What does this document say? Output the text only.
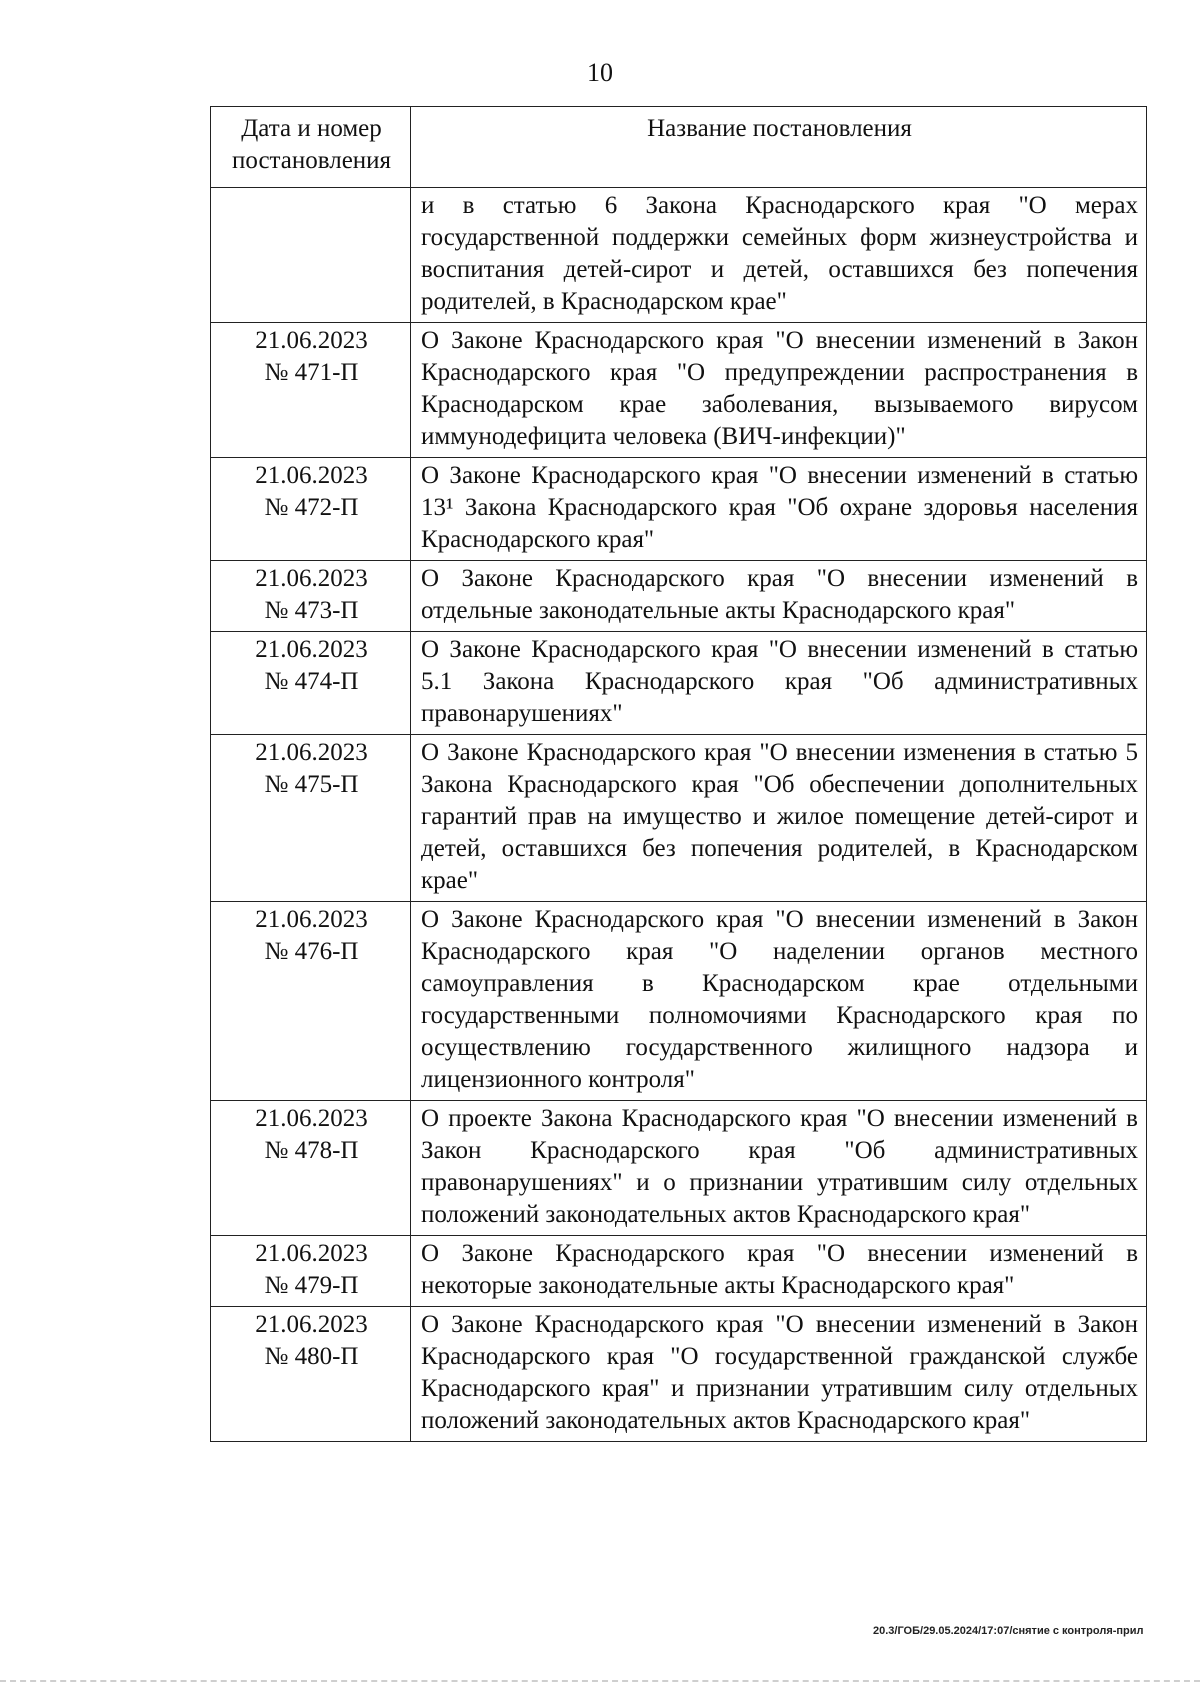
10
Дата и номер постановления	Название постановления

	и в статью 6 Закона Краснодарского края "О мерах государственной поддержки семейных форм жизнеустройства и воспитания детей-сирот и детей, оставшихся без попечения родителей, в Краснодарском крае"

21.06.2023
№ 471-П	О Законе Краснодарского края "О внесении изменений в Закон Краснодарского края "О предупреждении распространения в Краснодарском крае заболевания, вызываемого вирусом иммунодефицита человека (ВИЧ-инфекции)"

21.06.2023
№ 472-П	О Законе Краснодарского края "О внесении изменений в статью 13¹ Закона Краснодарского края "Об охране здоровья населения Краснодарского края"

21.06.2023
№ 473-П	О Законе Краснодарского края "О внесении изменений в отдельные законодательные акты Краснодарского края"

21.06.2023
№ 474-П	О Законе Краснодарского края "О внесении изменений в статью 5.1 Закона Краснодарского края "Об административных правонарушениях"

21.06.2023
№ 475-П	О Законе Краснодарского края "О внесении изменения в статью 5 Закона Краснодарского края "Об обеспечении дополнительных гарантий прав на имущество и жилое помещение детей-сирот и детей, оставшихся без попечения родителей, в Краснодарском крае"

21.06.2023
№ 476-П	О Законе Краснодарского края "О внесении изменений в Закон Краснодарского края "О наделении органов местного самоуправления в Краснодарском крае отдельными государственными полномочиями Краснодарского края по осуществлению государственного жилищного надзора и лицензионного контроля"

21.06.2023
№ 478-П	О проекте Закона Краснодарского края "О внесении изменений в Закон Краснодарского края "Об административных правонарушениях" и о признании утратившим силу отдельных положений законодательных актов Краснодарского края"

21.06.2023
№ 479-П	О Законе Краснодарского края "О внесении изменений в некоторые законодательные акты Краснодарского края"

21.06.2023
№ 480-П	О Законе Краснодарского края "О внесении изменений в Закон Краснодарского края "О государственной гражданской службе Краснодарского края" и признании утратившим силу отдельных положений законодательных актов Краснодарского края"
20.3/ГОБ/29.05.2024/17:07/снятие с контроля-прил
